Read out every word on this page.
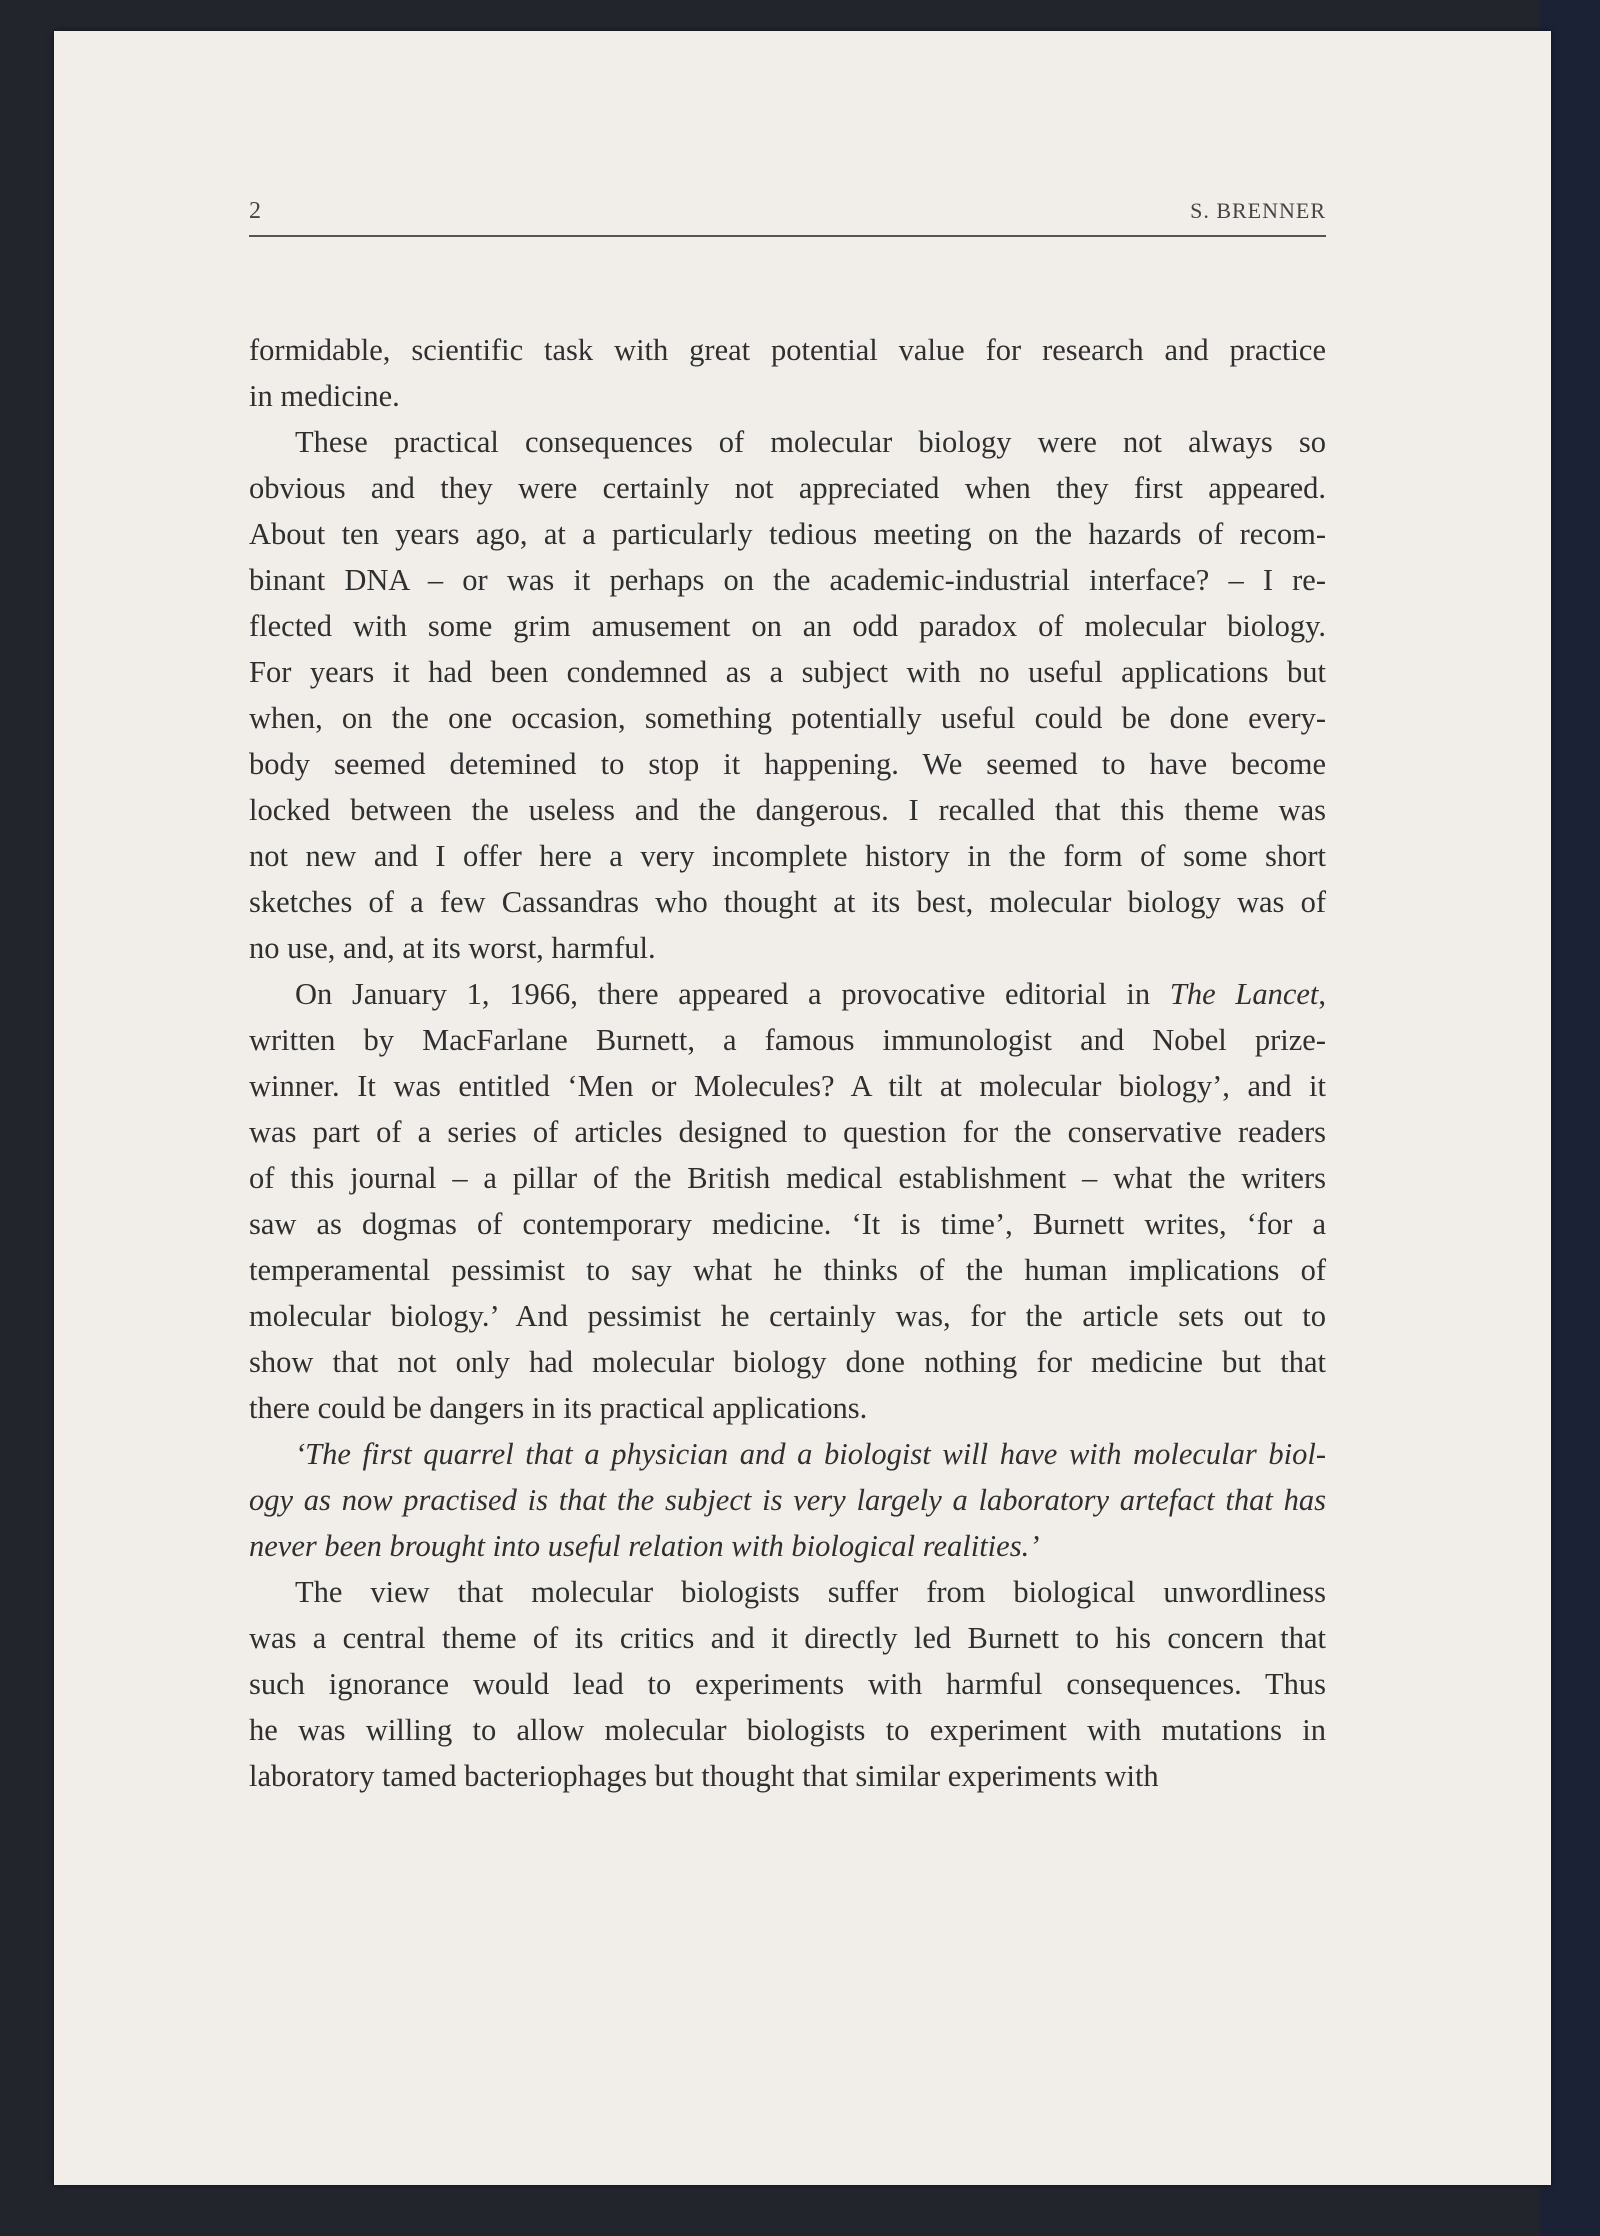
2	S. BRENNER
formidable, scientific task with great potential value for research and practice
in medicine.
These practical consequences of molecular biology were not always so
obvious and they were certainly not appreciated when they first appeared.
About ten years ago, at a particularly tedious meeting on the hazards of recom-
binant DNA – or was it perhaps on the academic-industrial interface? – I re-
flected with some grim amusement on an odd paradox of molecular biology.
For years it had been condemned as a subject with no useful applications but
when, on the one occasion, something potentially useful could be done every-
body seemed detemined to stop it happening. We seemed to have become
locked between the useless and the dangerous. I recalled that this theme was
not new and I offer here a very incomplete history in the form of some short
sketches of a few Cassandras who thought at its best, molecular biology was of
no use, and, at its worst, harmful.
On January 1, 1966, there appeared a provocative editorial in The Lancet,
written by MacFarlane Burnett, a famous immunologist and Nobel prize-
winner. It was entitled ‘Men or Molecules? A tilt at molecular biology’, and it
was part of a series of articles designed to question for the conservative readers
of this journal – a pillar of the British medical establishment – what the writers
saw as dogmas of contemporary medicine. ‘It is time’, Burnett writes, ‘for a
temperamental pessimist to say what he thinks of the human implications of
molecular biology.’ And pessimist he certainly was, for the article sets out to
show that not only had molecular biology done nothing for medicine but that
there could be dangers in its practical applications.
‘The first quarrel that a physician and a biologist will have with molecular biol-
ogy as now practised is that the subject is very largely a laboratory artefact that has
never been brought into useful relation with biological realities.’
The view that molecular biologists suffer from biological unwordliness
was a central theme of its critics and it directly led Burnett to his concern that
such ignorance would lead to experiments with harmful consequences. Thus
he was willing to allow molecular biologists to experiment with mutations in
laboratory tamed bacteriophages but thought that similar experiments with
